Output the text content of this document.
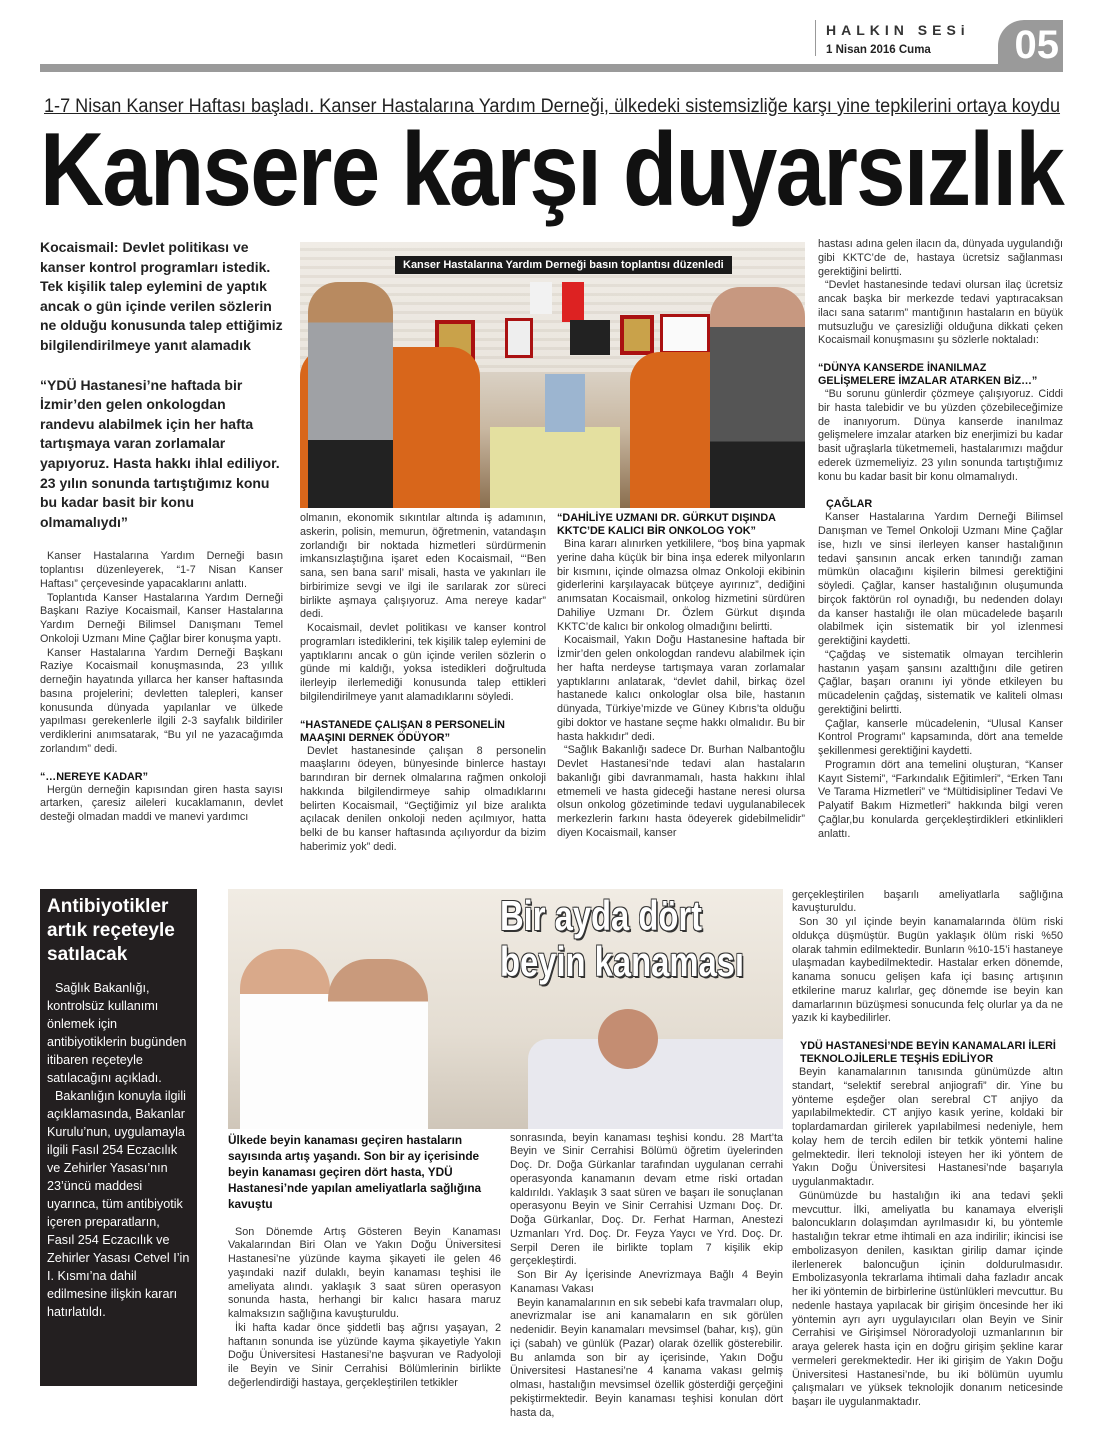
HALKIN SESi
1 Nisan 2016 Cuma	05
1-7 Nisan Kanser Haftası başladı. Kanser Hastalarına Yardım Derneği, ülkedeki sistemsizliğe karşı yine tepkilerini ortaya koydu
Kansere karşı duyarsızlık

Kocaismail: Devlet politikası ve kanser kontrol programları istedik. Tek kişilik talep eylemini de yaptık ancak o gün içinde verilen sözlerin ne olduğu konusunda talep ettiğimiz bilgilendirilmeye yanıt alamadık

“YDÜ Hastanesi’ne haftada bir İzmir’den gelen onkologdan randevu alabilmek için her hafta tartışmaya varan zorlamalar yapıyoruz. Hasta hakkı ihlal ediliyor. 23 yılın sonunda tartıştığımız konu bu kadar basit bir konu olmamalıydı”

Kanser Hastalarına Yardım Derneği basın toplantısı düzenleyerek, “1-7 Nisan Kanser Haftası” çerçevesinde yapacaklarını anlattı.

Toplantıda Kanser Hastalarına Yardım Derneği Başkanı Raziye Kocaismail, Kanser Hastalarına Yardım Derneği Bilimsel Danışmanı Temel Onkoloji Uzmanı Mine Çağlar birer konuşma yaptı.

Kanser Hastalarına Yardım Derneği Başkanı Raziye Kocaismail konuşmasında, 23 yıllık derneğin hayatında yıllarca her kanser haftasında basına projelerini; devletten talepleri, kanser konusunda dünyada yapılanlar ve ülkede yapılması gerekenlerle ilgili 2-3 sayfalık bildiriler verdiklerini anımsatarak, “Bu yıl ne yazacağımda zorlandım” dedi.

“…NEREYE KADAR”

Hergün derneğin kapısından giren hasta sayısı artarken, çaresiz aileleri kucaklamanın, devlet desteği olmadan maddi ve manevi yardımcı

Kanser Hastalarına Yardım Derneği basın toplantısı düzenledi

olmanın, ekonomik sıkıntılar altında iş adamının, askerin, polisin, memurun, öğretmenin, vatandaşın zorlandığı bir noktada hizmetleri sürdürmenin imkansızlaştığına işaret eden Kocaismail, “‘Ben sana, sen bana sarıl’ misali, hasta ve yakınları ile birbirimize sevgi ve ilgi ile sarılarak zor süreci birlikte aşmaya çalışıyoruz. Ama nereye kadar” dedi.

Kocaismail, devlet politikası ve kanser kontrol programları istediklerini, tek kişilik talep eylemini de yaptıklarını ancak o gün içinde verilen sözlerin o günde mi kaldığı, yoksa istedikleri doğrultuda ilerleyip ilerlemediği konusunda talep ettikleri bilgilendirilmeye yanıt alamadıklarını söyledi.

“HASTANEDE ÇALIŞAN 8 PERSONELİN MAAŞINI DERNEK ÖDÜYOR”

Devlet hastanesinde çalışan 8 personelin maaşlarını ödeyen, bünyesinde binlerce hastayı barındıran bir dernek olmalarına rağmen onkoloji hakkında bilgilendirmeye sahip olmadıklarını belirten Kocaismail, “Geçtiğimiz yıl bize aralıkta açılacak denilen onkoloji neden açılmıyor, hatta belki de bu kanser haftasında açılıyordur da bizim haberimiz yok” dedi.

“DAHİLİYE UZMANI DR. GÜRKUT DIŞINDA KKTC’DE KALICI BİR ONKOLOG YOK”

Bina kararı alınırken yetkililere, “boş bina yapmak yerine daha küçük bir bina inşa ederek milyonların bir kısmını, içinde olmazsa olmaz Onkoloji ekibinin giderlerini karşılayacak bütçeye ayırınız”, dediğini anımsatan Kocaismail, onkolog hizmetini sürdüren Dahiliye Uzmanı Dr. Özlem Gürkut dışında KKTC’de kalıcı bir onkolog olmadığını belirtti.

Kocaismail, Yakın Doğu Hastanesine haftada bir İzmir’den gelen onkologdan randevu alabilmek için her hafta nerdeyse tartışmaya varan zorlamalar yaptıklarını anlatarak, “devlet dahil, birkaç özel hastanede kalıcı onkologlar olsa bile, hastanın dünyada, Türkiye’mizde ve Güney Kıbrıs’ta olduğu gibi doktor ve hastane seçme hakkı olmalıdır. Bu bir hasta hakkıdır” dedi.

“Sağlık Bakanlığı sadece Dr. Burhan Nalbantoğlu Devlet Hastanesi’nde tedavi alan hastaların bakanlığı gibi davranmamalı, hasta hakkını ihlal etmemeli ve hasta gideceği hastane neresi olursa olsun onkolog gözetiminde tedavi uygulanabilecek merkezlerin farkını hasta ödeyerek gidebilmelidir” diyen Kocaismail, kanser

hastası adına gelen ilacın da, dünyada uygulandığı gibi KKTC’de de, hastaya ücretsiz sağlanması gerektiğini belirtti.

“Devlet hastanesinde tedavi olursan ilaç ücretsiz ancak başka bir merkezde tedavi yaptıracaksan ilacı sana satarım” mantığının hastaların en büyük mutsuzluğu ve çaresizliği olduğuna dikkati çeken Kocaismail konuşmasını şu sözlerle noktaladı:

“DÜNYA KANSERDE İNANILMAZ GELİŞMELERE İMZALAR ATARKEN BİZ…”

“Bu sorunu günlerdir çözmeye çalışıyoruz. Ciddi bir hasta talebidir ve bu yüzden çözebileceğimize de inanıyorum. Dünya kanserde inanılmaz gelişmelere imzalar atarken biz enerjimizi bu kadar basit uğraşlarla tüketmemeli, hastalarımızı mağdur ederek üzmemeliyiz. 23 yılın sonunda tartıştığımız konu bu kadar basit bir konu olmamalıydı.

ÇAĞLAR

Kanser Hastalarına Yardım Derneği Bilimsel Danışman ve Temel Onkoloji Uzmanı Mine Çağlar ise, hızlı ve sinsi ilerleyen kanser hastalığının tedavi şansının ancak erken tanındığı zaman mümkün olacağını kişilerin bilmesi gerektiğini söyledi. Çağlar, kanser hastalığının oluşumunda birçok faktörün rol oynadığı, bu nedenden dolayı da kanser hastalığı ile olan mücadelede başarılı olabilmek için sistematik bir yol izlenmesi gerektiğini kaydetti.

“Çağdaş ve sistematik olmayan tercihlerin hastanın yaşam şansını azalttığını dile getiren Çağlar, başarı oranını iyi yönde etkileyen bu mücadelenin çağdaş, sistematik ve kaliteli olması gerektiğini belirtti.

Çağlar, kanserle mücadelenin, “Ulusal Kanser Kontrol Programı” kapsamında, dört ana temelde şekillenmesi gerektiğini kaydetti.

Programın dört ana temelini oluşturan, “Kanser Kayıt Sistemi”, “Farkındalık Eğitimleri”, “Erken Tanı Ve Tarama Hizmetleri” ve “Mültidisipliner Tedavi Ve Palyatif Bakım Hizmetleri” hakkında bilgi veren Çağlar,bu konularda gerçekleştirdikleri etkinlikleri anlattı.

Antibiyotikler artık reçeteyle satılacak

Sağlık Bakanlığı, kontrolsüz kullanımı önlemek için antibiyotiklerin bugünden itibaren reçeteyle satılacağını açıkladı.

Bakanlığın konuyla ilgili açıklamasında, Bakanlar Kurulu’nun, uygulamayla ilgili Fasıl 254 Eczacılık ve Zehirler Yasası’nın 23’üncü maddesi uyarınca, tüm antibiyotik içeren preparatların, Fasıl 254 Eczacılık ve Zehirler Yasası Cetvel I’in I. Kısmı’na dahil edilmesine ilişkin kararı hatırlatıldı.

Bir ayda dört
beyin kanaması
Ülkede beyin kanaması geçiren hastaların sayısında artış yaşandı. Son bir ay içerisinde beyin kanaması geçiren dört hasta, YDÜ Hastanesi’nde yapılan ameliyatlarla sağlığına kavuştu

Son Dönemde Artış Gösteren Beyin Kanaması Vakalarından Biri Olan ve Yakın Doğu Üniversitesi Hastanesi’ne yüzünde kayma şikayeti ile gelen 46 yaşındaki nazif dulaklı, beyin kanaması teşhisi ile ameliyata alındı. yaklaşık 3 saat süren operasyon sonunda hasta, herhangi bir kalıcı hasara maruz kalmaksızın sağlığına kavuşturuldu.

İki hafta kadar önce şiddetli baş ağrısı yaşayan, 2 haftanın sonunda ise yüzünde kayma şikayetiyle Yakın Doğu Üniversitesi Hastanesi’ne başvuran ve Radyoloji ile Beyin ve Sinir Cerrahisi Bölümlerinin birlikte değerlendirdiği hastaya, gerçekleştirilen tetkikler

sonrasında, beyin kanaması teşhisi kondu. 28 Mart’ta Beyin ve Sinir Cerrahisi Bölümü öğretim üyelerinden Doç. Dr. Doğa Gürkanlar tarafından uygulanan cerrahi operasyonda kanamanın devam etme riski ortadan kaldırıldı. Yaklaşık 3 saat süren ve başarı ile sonuçlanan operasyonu Beyin ve Sinir Cerrahisi Uzmanı Doç. Dr. Doğa Gürkanlar, Doç. Dr. Ferhat Harman, Anestezi Uzmanları Yrd. Doç. Dr. Feyza Yaycı ve Yrd. Doç. Dr. Serpil Deren ile birlikte toplam 7 kişilik ekip gerçekleştirdi.

Son Bir Ay İçerisinde Anevrizmaya Bağlı 4 Beyin Kanaması Vakası

Beyin kanamalarının en sık sebebi kafa travmaları olup, anevrizmalar ise ani kanamaların en sık görülen nedenidir. Beyin kanamaları mevsimsel (bahar, kış), gün içi (sabah) ve günlük (Pazar) olarak özellik gösterebilir. Bu anlamda son bir ay içerisinde, Yakın Doğu Üniversitesi Hastanesi’ne 4 kanama vakası gelmiş olması, hastalığın mevsimsel özellik gösterdiği gerçeğini pekiştirmektedir. Beyin kanaması teşhisi konulan dört hasta da,

gerçekleştirilen başarılı ameliyatlarla sağlığına kavuşturuldu.

Son 30 yıl içinde beyin kanamalarında ölüm riski oldukça düşmüştür. Bugün yaklaşık ölüm riski %50 olarak tahmin edilmektedir. Bunların %10-15’i hastaneye ulaşmadan kaybedilmektedir. Hastalar erken dönemde, kanama sonucu gelişen kafa içi basınç artışının etkilerine maruz kalırlar, geç dönemde ise beyin kan damarlarının büzüşmesi sonucunda felç olurlar ya da ne yazık ki kaybedilirler.

YDÜ HASTANESİ’NDE BEYİN KANAMALARI İLERİ TEKNOLOJİLERLE TEŞHİS EDİLİYOR

Beyin kanamalarının tanısında günümüzde altın standart, “selektif serebral anjiografi” dir. Yine bu yönteme eşdeğer olan serebral CT anjiyo da yapılabilmektedir. CT anjiyo kasık yerine, koldaki bir toplardamardan girilerek yapılabilmesi nedeniyle, hem kolay hem de tercih edilen bir tetkik yöntemi haline gelmektedir. İleri teknoloji isteyen her iki yöntem de Yakın Doğu Üniversitesi Hastanesi’nde başarıyla uygulanmaktadır.

Günümüzde bu hastalığın iki ana tedavi şekli mevcuttur. İlki, ameliyatla bu kanamaya elverişli baloncukların dolaşımdan ayrılmasıdır ki, bu yöntemle hastalığın tekrar etme ihtimali en aza indirilir; ikincisi ise embolizasyon denilen, kasıktan girilip damar içinde ilerlenerek baloncuğun içinin doldurulmasıdır. Embolizasyonla tekrarlama ihtimali daha fazladır ancak her iki yöntemin de birbirlerine üstünlükleri mevcuttur. Bu nedenle hastaya yapılacak bir girişim öncesinde her iki yöntemin ayrı ayrı uygulayıcıları olan Beyin ve Sinir Cerrahisi ve Girişimsel Nöroradyoloji uzmanlarının bir araya gelerek hasta için en doğru girişim şekline karar vermeleri gerekmektedir. Her iki girişim de Yakın Doğu Üniversitesi Hastanesi’nde, bu iki bölümün uyumlu çalışmaları ve yüksek teknolojik donanım neticesinde başarı ile uygulanmaktadır.
